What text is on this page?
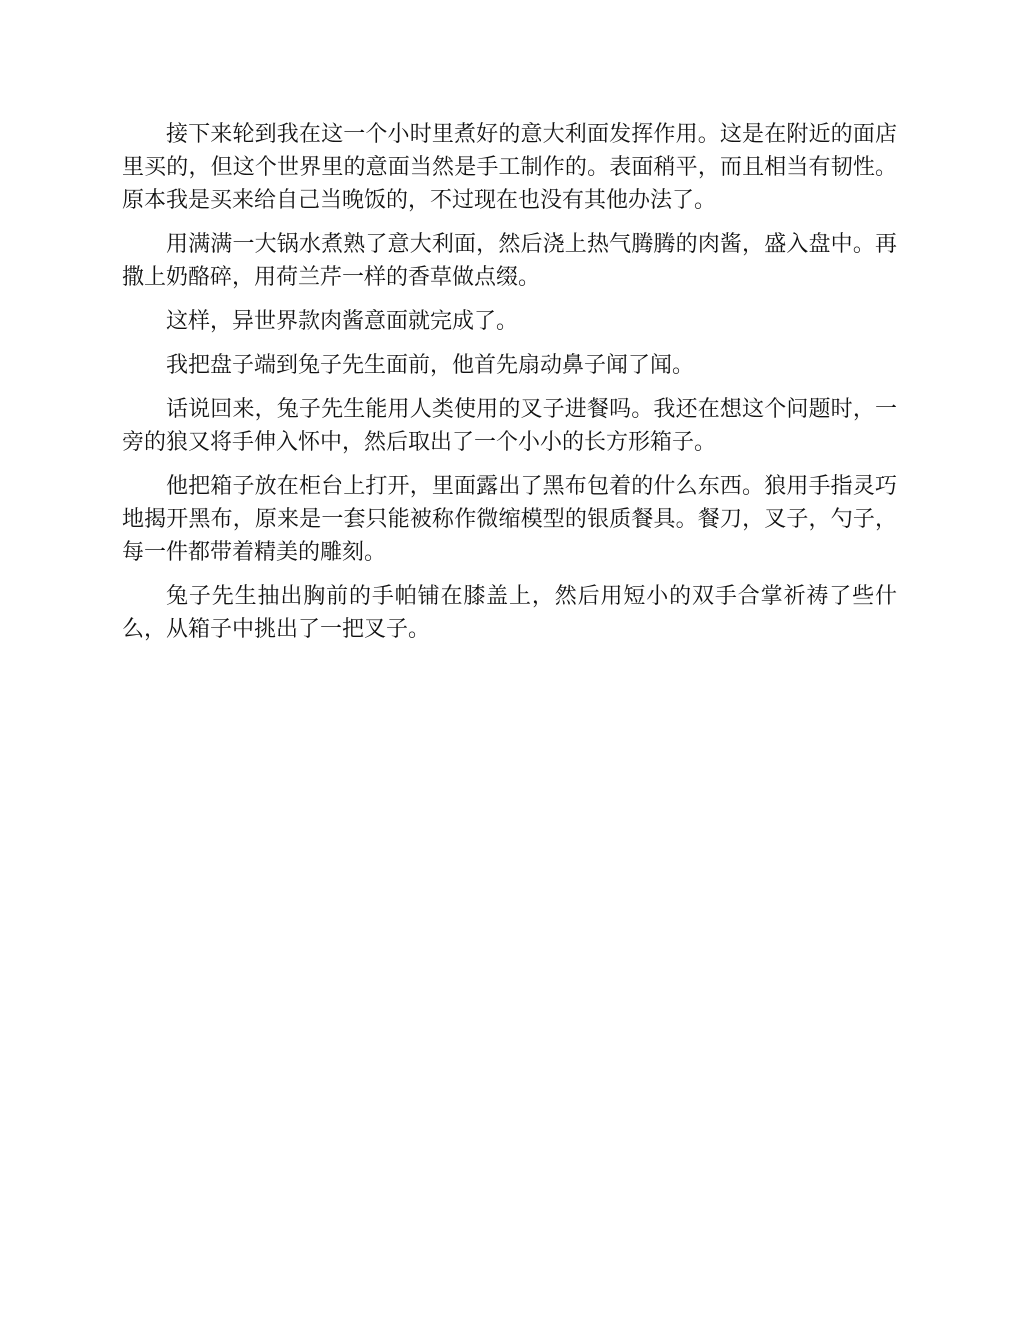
接下来轮到我在这一个小时里煮好的意大利面发挥作用。这是在附近的面店里买的，但这个世界里的意面当然是手工制作的。表面稍平，而且相当有韧性。原本我是买来给自己当晚饭的，不过现在也没有其他办法了。

用满满一大锅水煮熟了意大利面，然后浇上热气腾腾的肉酱，盛入盘中。再撒上奶酪碎，用荷兰芹一样的香草做点缀。

这样，异世界款肉酱意面就完成了。

我把盘子端到兔子先生面前，他首先扇动鼻子闻了闻。

话说回来，兔子先生能用人类使用的叉子进餐吗。我还在想这个问题时，一旁的狼又将手伸入怀中，然后取出了一个小小的长方形箱子。

他把箱子放在柜台上打开，里面露出了黑布包着的什么东西。狼用手指灵巧地揭开黑布，原来是一套只能被称作微缩模型的银质餐具。餐刀，叉子，勺子，每一件都带着精美的雕刻。

兔子先生抽出胸前的手帕铺在膝盖上，然后用短小的双手合掌祈祷了些什么，从箱子中挑出了一把叉子。
